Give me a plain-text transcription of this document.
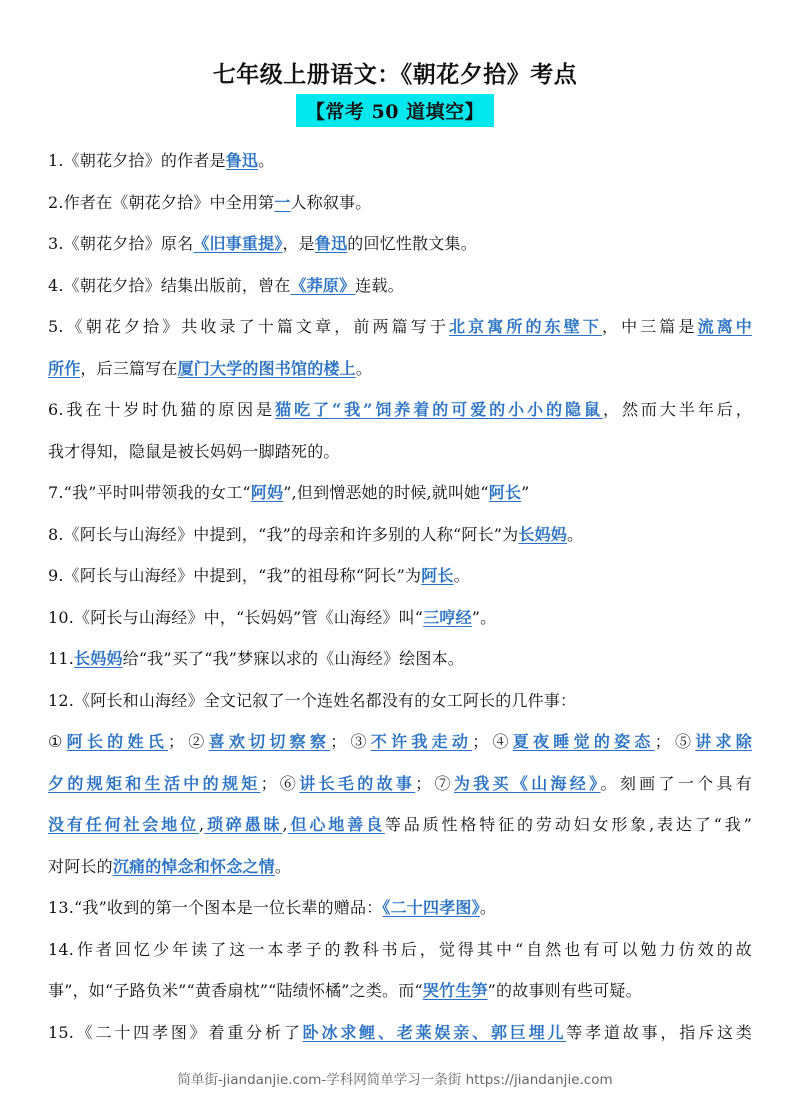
七年级上册语文：《朝花夕拾》考点
【常考 50 道填空】
1.《朝花夕拾》的作者是鲁迅。
2.作者在《朝花夕拾》中全用第一人称叙事。
3.《朝花夕拾》原名《旧事重提》，是鲁迅的回忆性散文集。
4.《朝花夕拾》结集出版前，曾在《莽原》连载。
5.《朝花夕拾》共收录了十篇文章，前两篇写于北京寓所的东壁下，中三篇是流离中
所作，后三篇写在厦门大学的图书馆的楼上。
6.我在十岁时仇猫的原因是猫吃了“我”饲养着的可爱的小小的隐鼠，然而大半年后，
我才得知，隐鼠是被长妈妈一脚踏死的。
7.“我”平时叫带领我的女工“阿妈”,但到憎恶她的时候,就叫她“阿长”
8.《阿长与山海经》中提到，“我”的母亲和许多别的人称“阿长”为长妈妈。
9.《阿长与山海经》中提到，“我”的祖母称“阿长”为阿长。
10.《阿长与山海经》中，“长妈妈”管《山海经》叫“三哼经”。
11.长妈妈给“我”买了“我”梦寐以求的《山海经》绘图本。
12.《阿长和山海经》全文记叙了一个连姓名都没有的女工阿长的几件事：
①阿长的姓氏；②喜欢切切察察；③不许我走动；④夏夜睡觉的姿态；⑤讲求除
夕的规矩和生活中的规矩；⑥讲长毛的故事；⑦为我买《山海经》。刻画了一个具有
没有任何社会地位,琐碎愚昧,但心地善良等品质性格特征的劳动妇女形象,表达了“我”
对阿长的沉痛的悼念和怀念之情。
13.“我”收到的第一个图本是一位长辈的赠品：《二十四孝图》。
14.作者回忆少年读了这一本孝子的教科书后，觉得其中“自然也有可以勉力仿效的故
事”，如“子路负米”“黄香扇枕”“陆绩怀橘”之类。而“哭竹生笋”的故事则有些可疑。
15.《二十四孝图》着重分析了卧冰求鲤、老莱娱亲、郭巨埋儿等孝道故事，指斥这类
简单街-jiandanjie.com-学科网简单学习一条街 https://jiandanjie.com
